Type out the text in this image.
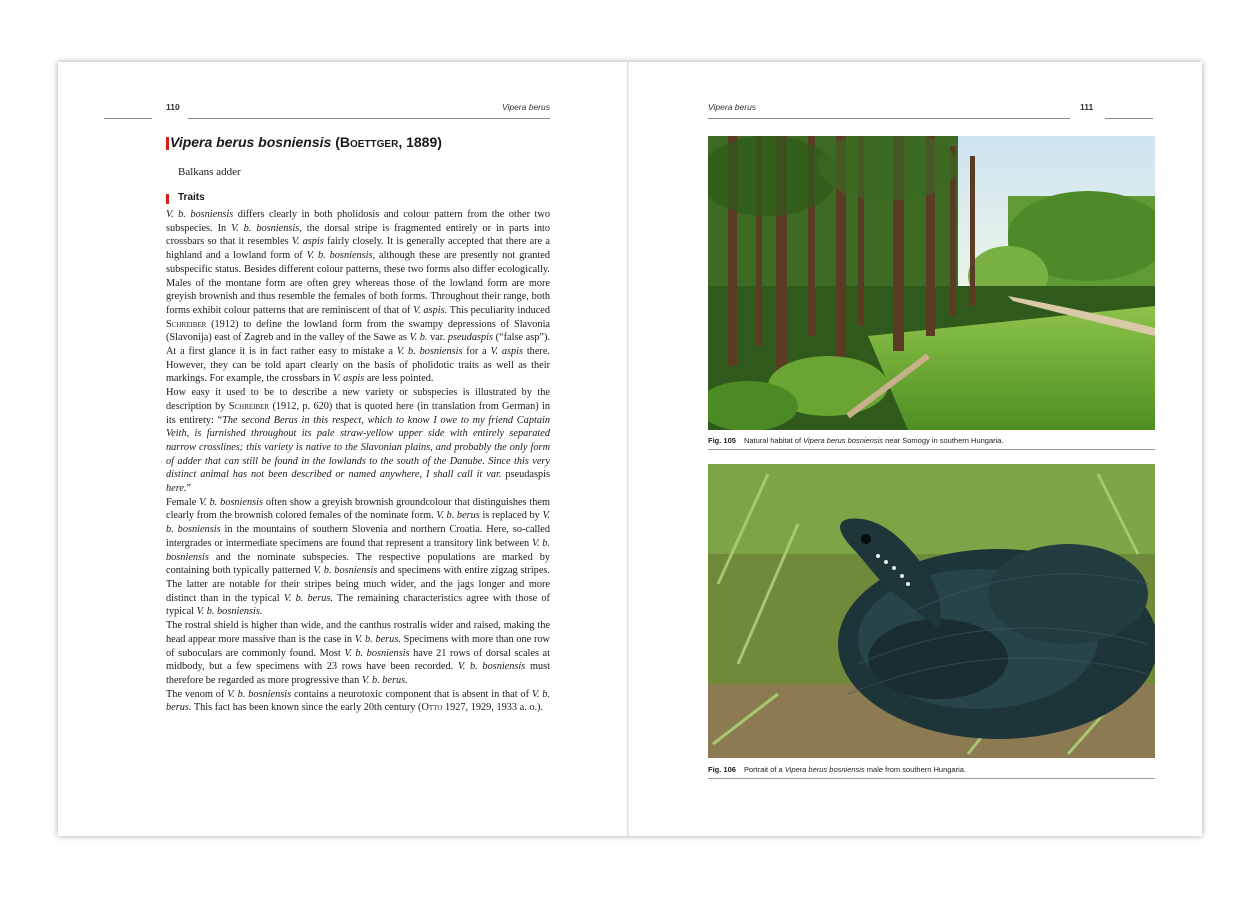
110	Vipera berus
Vipera berus bosniensis (Boettger, 1889)
Balkans adder
Traits

V. b. bosniensis differs clearly in both pholidosis and colour pattern from the other two subspecies. In V. b. bosniensis, the dorsal stripe is fragmented entirely or in parts into crossbars so that it resembles V. aspis fairly closely. It is generally accepted that there are a highland and a lowland form of V. b. bosniensis, although these are presently not granted subspecific status. Besides different colour patterns, these two forms also differ ecologically. Males of the montane form are often grey whereas those of the lowland form are more greyish brownish and thus resemble the females of both forms. Throughout their range, both forms exhibit colour patterns that are reminiscent of that of V. aspis. This peculiarity induced Schreiber (1912) to define the lowland form from the swampy depressions of Slavonia (Slavonija) east of Zagreb and in the valley of the Sawe as V. b. var. pseudaspis (“false asp”). At a first glance it is in fact rather easy to mistake a V. b. bosniensis for a V. aspis there. However, they can be told apart clearly on the basis of pholidotic traits as well as their markings. For example, the crossbars in V. aspis are less pointed.

How easy it used to be to describe a new variety or subspecies is illustrated by the description by Schreiber (1912, p. 620) that is quoted here (in translation from German) in its entirety: “The second Berus in this respect, which to know I owe to my friend Captain Veith, is furnished throughout its pale straw-yellow upper side with entirely separated narrow crosslines; this variety is native to the Slavonian plains, and probably the only form of adder that can still be found in the lowlands to the south of the Danube. Since this very distinct animal has not been described or named anywhere, I shall call it var. pseudaspis here.”

Female V. b. bosniensis often show a greyish brownish groundcolour that distinguishes them clearly from the brownish colored females of the nominate form. V. b. berus is replaced by V. b. bosniensis in the mountains of southern Slovenia and northern Croatia. Here, so-called intergrades or intermediate specimens are found that represent a transitory link between V. b. bosniensis and the nominate subspecies. The respective populations are marked by containing both typically patterned V. b. bosniensis and specimens with entire zigzag stripes. The latter are notable for their stripes being much wider, and the jags longer and more distinct than in the typical V. b. berus. The remaining characteristics agree with those of typical V. b. bosniensis.

The rostral shield is higher than wide, and the canthus rostralis wider and raised, making the head appear more massive than is the case in V. b. berus. Specimens with more than one row of suboculars are commonly found. Most V. b. bosniensis have 21 rows of dorsal scales at midbody, but a few specimens with 23 rows have been recorded. V. b. bosniensis must therefore be regarded as more progressive than V. b. berus.

The venom of V. b. bosniensis contains a neurotoxic component that is absent in that of V. b. berus. This fact has been known since the early 20th century (Otto 1927, 1929, 1933 a. o.).

Vipera berus	111
Fig. 105 Natural habitat of Vipera berus bosniensis near Somogy in southern Hungaria.
Fig. 106 Portrait of a Vipera berus bosniensis male from southern Hungaria.
